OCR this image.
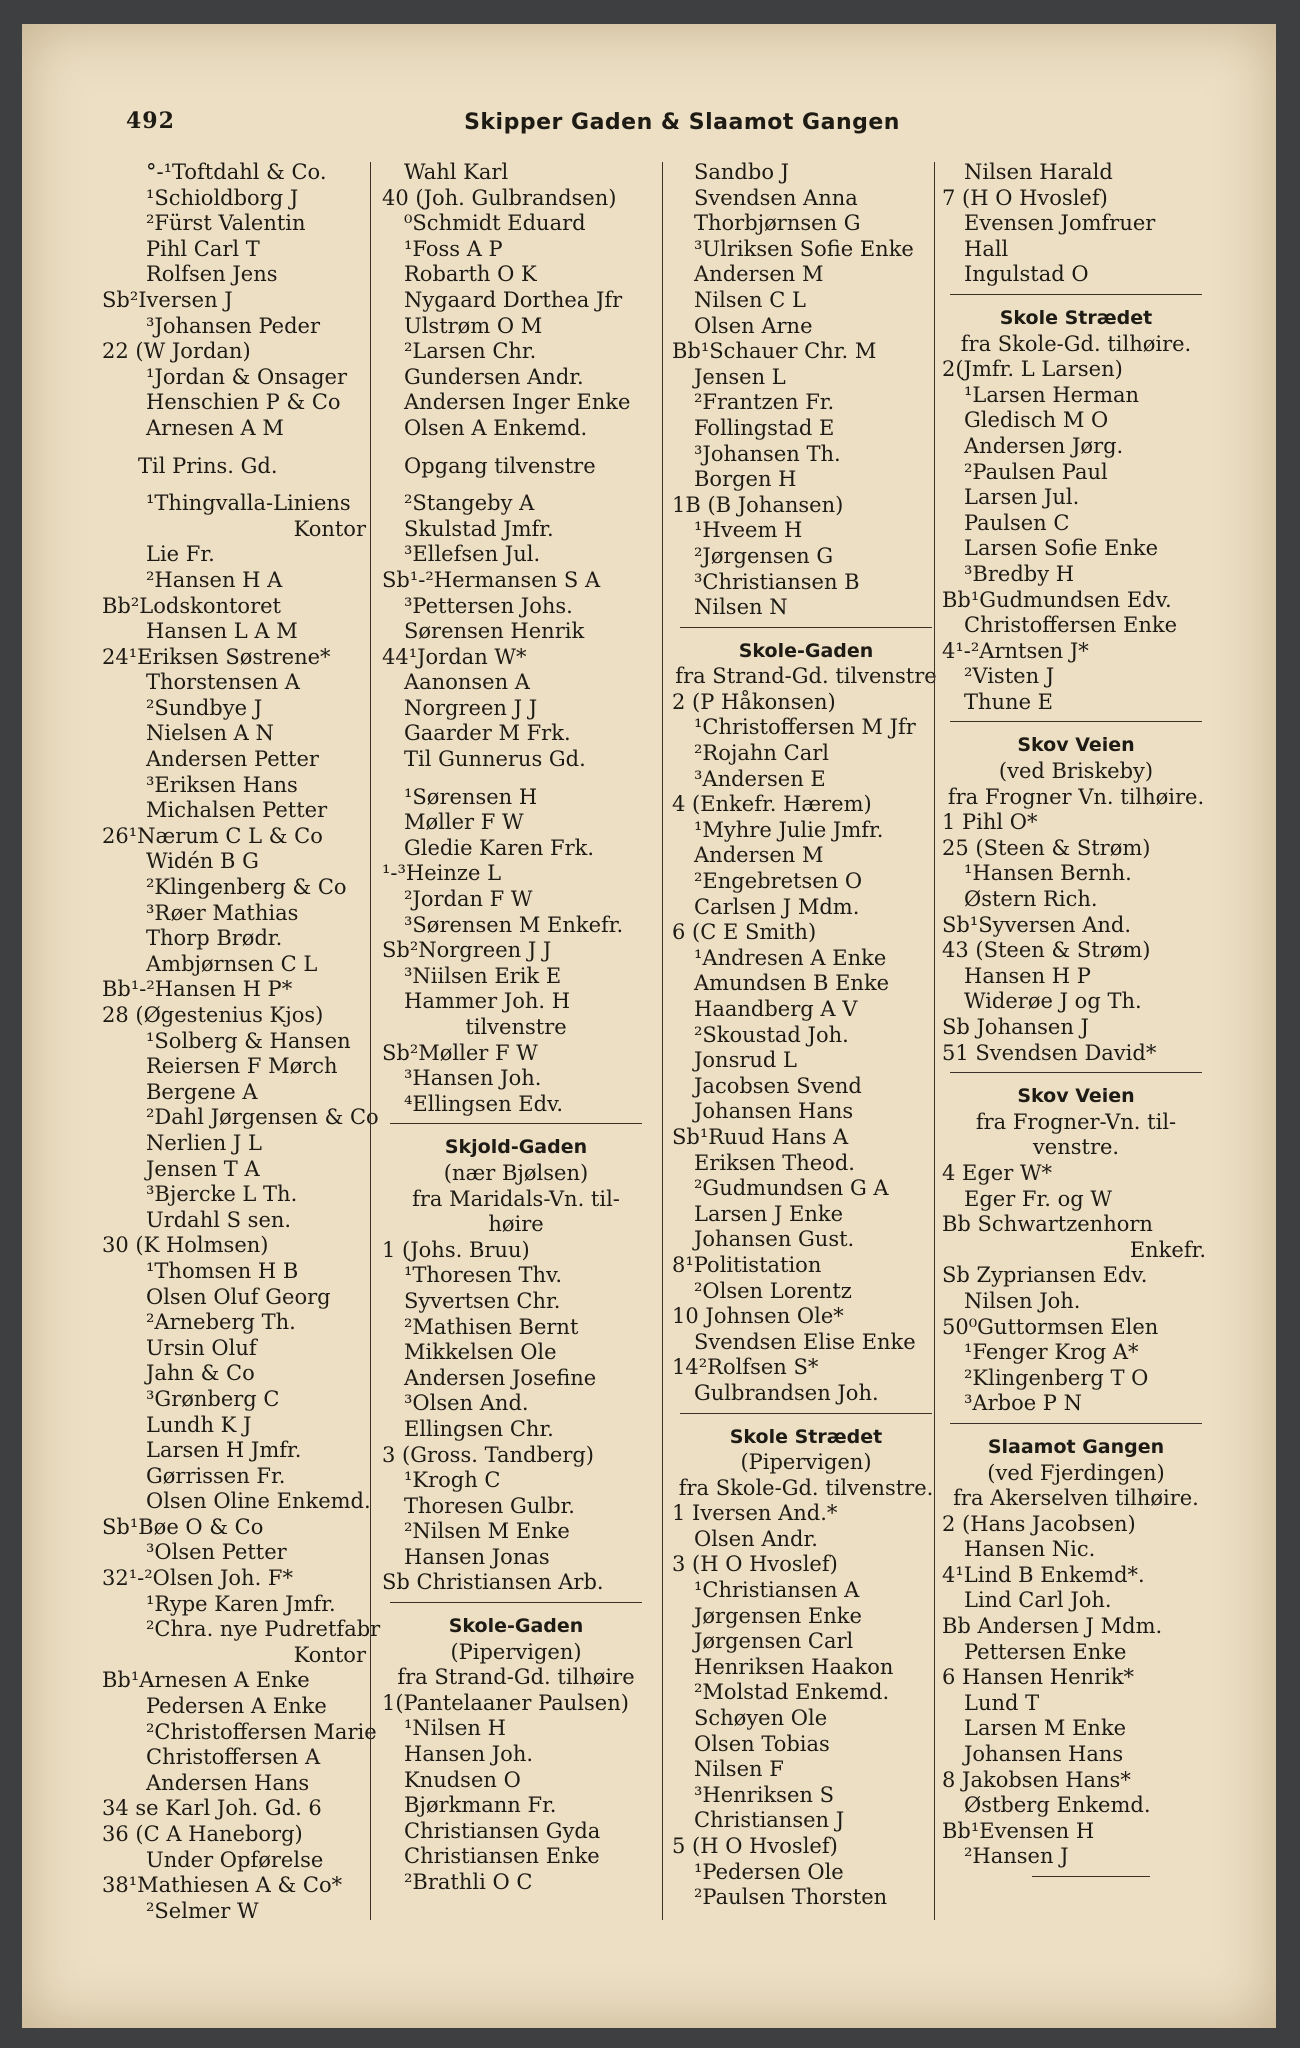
492	Skipper Gaden & Slaamot Gangen
°-¹Toftdahl & Co.
¹Schioldborg J
²Fürst Valentin
Pihl Carl T
Rolfsen Jens
Sb²Iversen J
³Johansen Peder
22 (W Jordan)
¹Jordan & Onsager
Henschien P & Co
Arnesen A M
Til Prins. Gd.
¹Thingvalla-Liniens
Kontor
Lie Fr.
²Hansen H A
Bb²Lodskontoret
Hansen L A M
24¹Eriksen Søstrene*
Thorstensen A
²Sundbye J
Nielsen A N
Andersen Petter
³Eriksen Hans
Michalsen Petter
26¹Nærum C L & Co
Widén B G
²Klingenberg & Co
³Røer Mathias
Thorp Brødr.
Ambjørnsen C L
Bb¹-²Hansen H P*
28 (Øgestenius Kjos)
¹Solberg & Hansen
Reiersen F Mørch
Bergene A
²Dahl Jørgensen & Co
Nerlien J L
Jensen T A
³Bjercke L Th.
Urdahl S sen.
30 (K Holmsen)
¹Thomsen H B
Olsen Oluf Georg
²Arneberg Th.
Ursin Oluf
Jahn & Co
³Grønberg C
Lundh K J
Larsen H Jmfr.
Gørrissen Fr.
Olsen Oline Enkemd.
Sb¹Bøe O & Co
³Olsen Petter
32¹-²Olsen Joh. F*
¹Rype Karen Jmfr.
²Chra. nye Pudretfabr
Kontor
Bb¹Arnesen A Enke
Pedersen A Enke
²Christoffersen Marie
Christoffersen A
Andersen Hans
34 se Karl Joh. Gd. 6
36 (C A Haneborg)
Under Opførelse
38¹Mathiesen A & Co*
²Selmer W
Wahl Karl
40 (Joh. Gulbrandsen)
⁰Schmidt Eduard
¹Foss A P
Robarth O K
Nygaard Dorthea Jfr
Ulstrøm O M
²Larsen Chr.
Gundersen Andr.
Andersen Inger Enke
Olsen A Enkemd.
Opgang tilvenstre
²Stangeby A
Skulstad Jmfr.
³Ellefsen Jul.
Sb¹-²Hermansen S A
³Pettersen Johs.
Sørensen Henrik
44¹Jordan W*
Aanonsen A
Norgreen J J
Gaarder M Frk.
Til Gunnerus Gd.
¹Sørensen H
Møller F W
Gledie Karen Frk.
¹-³Heinze L
²Jordan F W
³Sørensen M Enkefr.
Sb²Norgreen J J
³Niilsen Erik E
Hammer Joh. H
tilvenstre
Sb²Møller F W
³Hansen Joh.
⁴Ellingsen Edv.
Skjold-Gaden
(nær Bjølsen)
fra Maridals-Vn. til-
høire
1 (Johs. Bruu)
¹Thoresen Thv.
Syvertsen Chr.
²Mathisen Bernt
Mikkelsen Ole
Andersen Josefine
³Olsen And.
Ellingsen Chr.
3 (Gross. Tandberg)
¹Krogh C
Thoresen Gulbr.
²Nilsen M Enke
Hansen Jonas
Sb Christiansen Arb.
Skole-Gaden
(Pipervigen)
fra Strand-Gd. tilhøire
1(Pantelaaner Paulsen)
¹Nilsen H
Hansen Joh.
Knudsen O
Bjørkmann Fr.
Christiansen Gyda
Christiansen Enke
²Brathli O C
Sandbo J
Svendsen Anna
Thorbjørnsen G
³Ulriksen Sofie Enke
Andersen M
Nilsen C L
Olsen Arne
Bb¹Schauer Chr. M
Jensen L
²Frantzen Fr.
Follingstad E
³Johansen Th.
Borgen H
1B (B Johansen)
¹Hveem H
²Jørgensen G
³Christiansen B
Nilsen N
Skole-Gaden
fra Strand-Gd. tilvenstre
2 (P Håkonsen)
¹Christoffersen M Jfr
²Rojahn Carl
³Andersen E
4 (Enkefr. Hærem)
¹Myhre Julie Jmfr.
Andersen M
²Engebretsen O
Carlsen J Mdm.
6 (C E Smith)
¹Andresen A Enke
Amundsen B Enke
Haandberg A V
²Skoustad Joh.
Jonsrud L
Jacobsen Svend
Johansen Hans
Sb¹Ruud Hans A
Eriksen Theod.
²Gudmundsen G A
Larsen J Enke
Johansen Gust.
8¹Politistation
²Olsen Lorentz
10 Johnsen Ole*
Svendsen Elise Enke
14²Rolfsen S*
Gulbrandsen Joh.
Skole Strædet
(Pipervigen)
fra Skole-Gd. tilvenstre.
1 Iversen And.*
Olsen Andr.
3 (H O Hvoslef)
¹Christiansen A
Jørgensen Enke
Jørgensen Carl
Henriksen Haakon
²Molstad Enkemd.
Schøyen Ole
Olsen Tobias
Nilsen F
³Henriksen S
Christiansen J
5 (H O Hvoslef)
¹Pedersen Ole
²Paulsen Thorsten
Nilsen Harald
7 (H O Hvoslef)
Evensen Jomfruer
Hall
Ingulstad O
Skole Strædet
fra Skole-Gd. tilhøire.
2(Jmfr. L Larsen)
¹Larsen Herman
Gledisch M O
Andersen Jørg.
²Paulsen Paul
Larsen Jul.
Paulsen C
Larsen Sofie Enke
³Bredby H
Bb¹Gudmundsen Edv.
Christoffersen Enke
4¹-²Arntsen J*
²Visten J
Thune E
Skov Veien
(ved Briskeby)
fra Frogner Vn. tilhøire.
1 Pihl O*
25 (Steen & Strøm)
¹Hansen Bernh.
Østern Rich.
Sb¹Syversen And.
43 (Steen & Strøm)
Hansen H P
Widerøe J og Th.
Sb Johansen J
51 Svendsen David*
Skov Veien
fra Frogner-Vn. til-
venstre.
4 Eger W*
Eger Fr. og W
Bb Schwartzenhorn
Enkefr.
Sb Zypriansen Edv.
Nilsen Joh.
50⁰Guttormsen Elen
¹Fenger Krog A*
²Klingenberg T O
³Arboe P N
Slaamot Gangen
(ved Fjerdingen)
fra Akerselven tilhøire.
2 (Hans Jacobsen)
Hansen Nic.
4¹Lind B Enkemd*.
Lind Carl Joh.
Bb Andersen J Mdm.
Pettersen Enke
6 Hansen Henrik*
Lund T
Larsen M Enke
Johansen Hans
8 Jakobsen Hans*
Østberg Enkemd.
Bb¹Evensen H
²Hansen J
